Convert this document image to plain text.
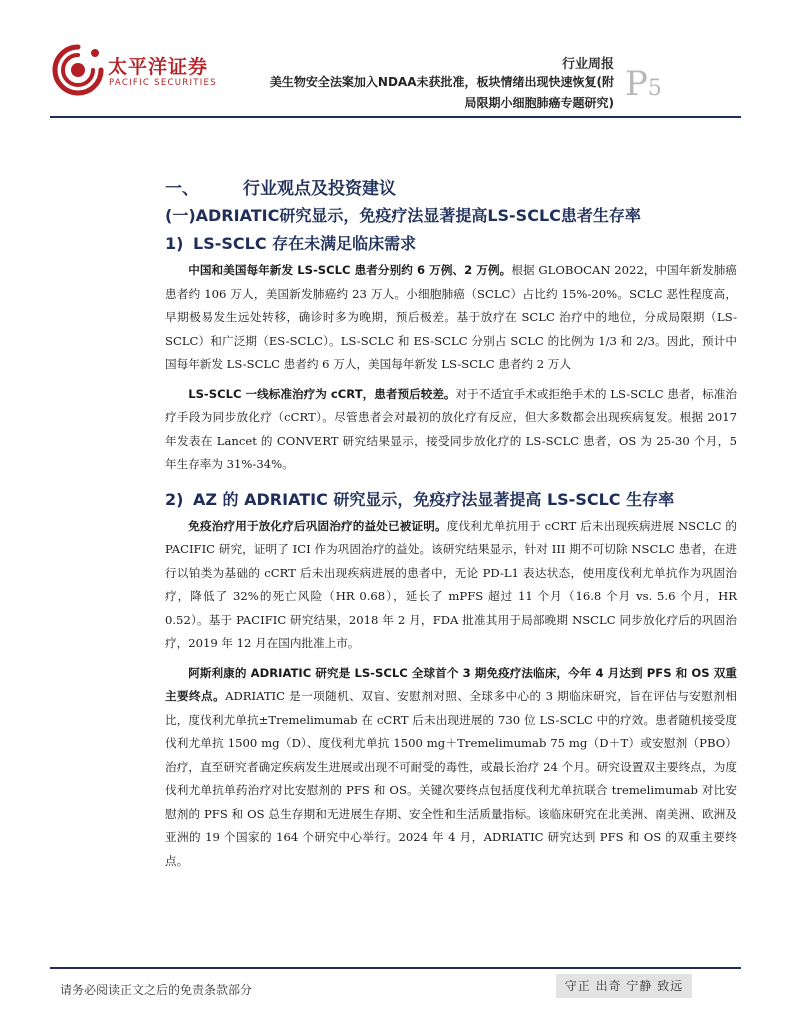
太平洋证券
PACIFIC SECURITIES
行业周报
美生物安全法案加入NDAA未获批准，板块情绪出现快速恢复(附
局限期小细胞肺癌专题研究) P5
一、	行业观点及投资建议
(一)ADRIATIC研究显示，免疫疗法显著提高LS-SCLC患者生存率
1) LS-SCLC 存在未满足临床需求

中国和美国每年新发 LS-SCLC 患者分别约 6 万例、2 万例。根据 GLOBOCAN 2022，中国年新发肺癌患者约 106 万人，美国新发肺癌约 23 万人。小细胞肺癌（SCLC）占比约 15%-20%。SCLC 恶性程度高，早期极易发生远处转移，确诊时多为晚期，预后极差。基于放疗在 SCLC 治疗中的地位，分成局限期（LS-SCLC）和广泛期（ES-SCLC）。LS-SCLC 和 ES-SCLC 分别占 SCLC 的比例为 1/3 和 2/3。因此，预计中国每年新发 LS-SCLC 患者约 6 万人，美国每年新发 LS-SCLC 患者约 2 万人

LS-SCLC 一线标准治疗为 cCRT，患者预后较差。对于不适宜手术或拒绝手术的 LS-SCLC 患者，标准治疗手段为同步放化疗（cCRT）。尽管患者会对最初的放化疗有反应，但大多数都会出现疾病复发。根据 2017 年发表在 Lancet 的 CONVERT 研究结果显示，接受同步放化疗的 LS-SCLC 患者，OS 为 25-30 个月，5 年生存率为 31%-34%。

2) AZ 的 ADRIATIC 研究显示，免疫疗法显著提高 LS-SCLC 生存率

免疫治疗用于放化疗后巩固治疗的益处已被证明。度伐利尤单抗用于 cCRT 后未出现疾病进展 NSCLC 的 PACIFIC 研究，证明了 ICI 作为巩固治疗的益处。该研究结果显示，针对 III 期不可切除 NSCLC 患者，在进行以铂类为基础的 cCRT 后未出现疾病进展的患者中，无论 PD-L1 表达状态，使用度伐利尤单抗作为巩固治疗，降低了 32%的死亡风险（HR 0.68），延长了 mPFS 超过 11 个月（16.8 个月 vs. 5.6 个月，HR 0.52）。基于 PACIFIC 研究结果，2018 年 2 月，FDA 批准其用于局部晚期 NSCLC 同步放化疗后的巩固治疗，2019 年 12 月在国内批准上市。

阿斯利康的 ADRIATIC 研究是 LS-SCLC 全球首个 3 期免疫疗法临床，今年 4 月达到 PFS 和 OS 双重主要终点。ADRIATIC 是一项随机、双盲、安慰剂对照、全球多中心的 3 期临床研究，旨在评估与安慰剂相比，度伐利尤单抗±Tremelimumab 在 cCRT 后未出现进展的 730 位 LS-SCLC 中的疗效。患者随机接受度伐利尤单抗 1500 mg（D）、度伐利尤单抗 1500 mg＋Tremelimumab 75 mg（D＋T）或安慰剂（PBO）治疗，直至研究者确定疾病发生进展或出现不可耐受的毒性，或最长治疗 24 个月。研究设置双主要终点，为度伐利尤单抗单药治疗对比安慰剂的 PFS 和 OS。关键次要终点包括度伐利尤单抗联合 tremelimumab 对比安慰剂的 PFS 和 OS 总生存期和无进展生存期、安全性和生活质量指标。该临床研究在北美洲、南美洲、欧洲及亚洲的 19 个国家的 164 个研究中心举行。2024 年 4 月，ADRIATIC 研究达到 PFS 和 OS 的双重主要终点。

请务必阅读正文之后的免责条款部分	守正 出奇 宁静 致远
